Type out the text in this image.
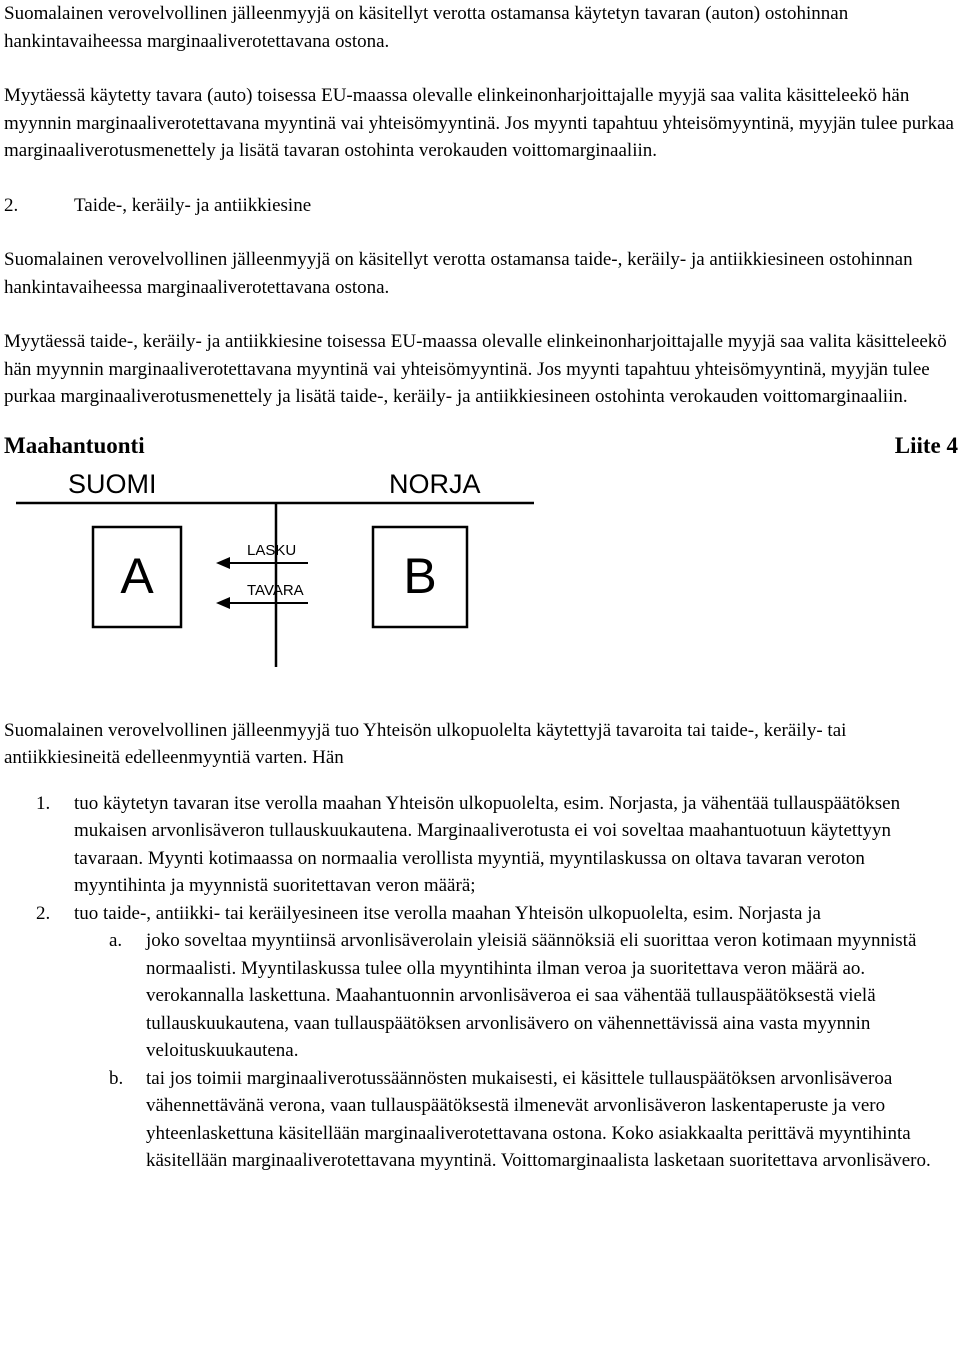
Suomalainen verovelvollinen jälleenmyyjä on käsitellyt verotta ostamansa käytetyn tavaran (auton) ostohinnan hankintavaiheessa marginaaliverotettavana ostona.

Myytäessä käytetty tavara (auto) toisessa EU-maassa olevalle elinkeinonharjoittajalle myyjä saa valita käsitteleekö hän myynnin marginaaliverotettavana myyntinä vai yhteisömyyntinä. Jos myynti tapahtuu yhteisömyyntinä, myyjän tulee purkaa marginaaliverotusmenettely ja lisätä tavaran ostohinta verokauden voittomarginaaliin.

2.	Taide-, keräily- ja antiikkiesine

Suomalainen verovelvollinen jälleenmyyjä on käsitellyt verotta ostamansa taide-, keräily- ja antiikkiesineen ostohinnan hankintavaiheessa marginaaliverotettavana ostona.

Myytäessä taide-, keräily- ja antiikkiesine toisessa EU-maassa olevalle elinkeinonharjoittajalle myyjä saa valita käsitteleekö hän myynnin marginaaliverotettavana myyntinä vai yhteisömyyntinä. Jos myynti tapahtuu yhteisömyyntinä, myyjän tulee purkaa marginaaliverotusmenettely ja lisätä taide-, keräily- ja antiikkiesineen ostohinta verokauden voittomarginaaliin.

Maahantuonti	Liite 4
SUOMI	NORJA
A	B
LASKU
TAVARA

Suomalainen verovelvollinen jälleenmyyjä tuo Yhteisön ulkopuolelta käytettyjä tavaroita tai taide-, keräily- tai antiikkiesineitä edelleenmyyntiä varten. Hän

1. tuo käytetyn tavaran itse verolla maahan Yhteisön ulkopuolelta, esim. Norjasta, ja vähentää tullauspäätöksen mukaisen arvonlisäveron tullauskuukautena. Marginaaliverotusta ei voi soveltaa maahantuotuun käytettyyn tavaraan. Myynti kotimaassa on normaalia verollista myyntiä, myyntilaskussa on oltava tavaran veroton myyntihinta ja myynnistä suoritettavan veron määrä;
2. tuo taide-, antiikki- tai keräilyesineen itse verolla maahan Yhteisön ulkopuolelta, esim. Norjasta ja
a. joko soveltaa myyntiinsä arvonlisäverolain yleisiä säännöksiä eli suorittaa veron kotimaan myynnistä normaalisti. Myyntilaskussa tulee olla myyntihinta ilman veroa ja suoritettava veron määrä ao. verokannalla laskettuna. Maahantuonnin arvonlisäveroa ei saa vähentää tullauspäätöksestä vielä tullauskuukautena, vaan tullauspäätöksen arvonlisävero on vähennettävissä aina vasta myynnin veloituskuukautena.
b. tai jos toimii marginaaliverotussäännösten mukaisesti, ei käsittele tullauspäätöksen arvonlisäveroa vähennettävänä verona, vaan tullauspäätöksestä ilmenevät arvonlisäveron laskentaperuste ja vero yhteenlaskettuna käsitellään marginaaliverotettavana ostona. Koko asiakkaalta perittävä myyntihinta käsitellään marginaaliverotettavana myyntinä. Voittomarginaalista lasketaan suoritettava arvonlisävero.
